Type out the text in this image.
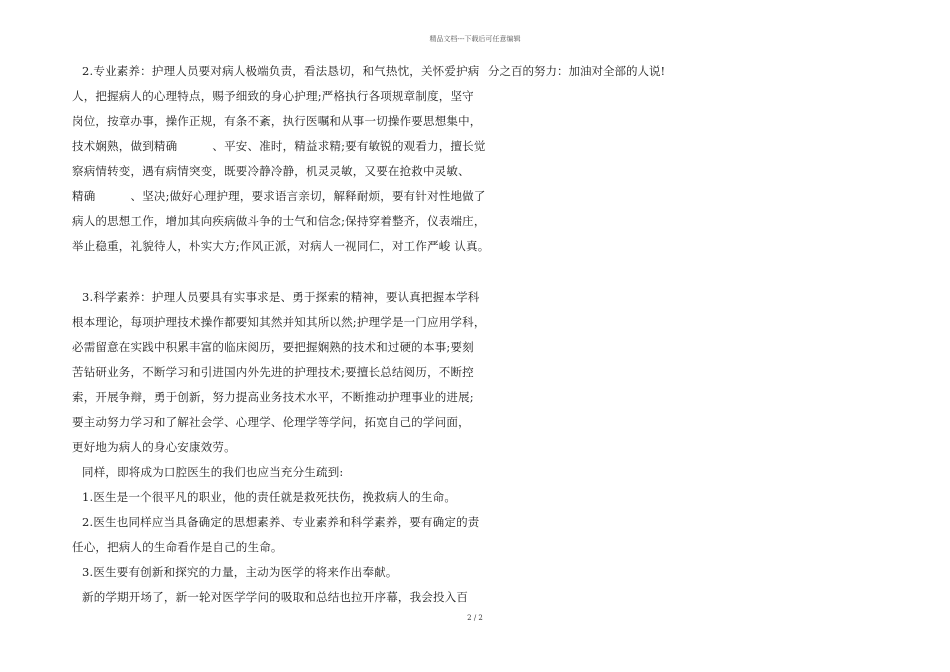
精品文档---下载后可任意编辑
2.专业素养：护理人员要对病人极端负责，看法恳切，和气热忱，关怀爱护病
人，把握病人的心理特点，赐予细致的身心护理;严格执行各项规章制度，坚守
岗位，按章办事，操作正规，有条不紊，执行医嘱和从事一切操作要思想集中，
技术娴熟，做到精确　　　、平安、准时，精益求精;要有敏锐的观看力，擅长觉
察病情转变，遇有病情突变，既要冷静冷静，机灵灵敏，又要在抢救中灵敏、
精确　　　、坚决;做好心理护理，要求语言亲切，解释耐烦，要有针对性地做了
病人的思想工作，增加其向疾病做斗争的士气和信念;保持穿着整齐，仪表端庄，
举止稳重，礼貌待人，朴实大方;作风正派，对病人一视同仁，对工作严峻 认真。
3.科学素养：护理人员要具有实事求是、勇于探索的精神，要认真把握本学科
根本理论，每项护理技术操作都要知其然并知其所以然;护理学是一门应用学科，
必需留意在实践中积累丰富的临床阅历，要把握娴熟的技术和过硬的本事;要刻
苦钻研业务，不断学习和引进国内外先进的护理技术;要擅长总结阅历，不断控
索，开展争辩，勇于创新，努力提高业务技术水平，不断推动护理事业的进展;
要主动努力学习和了解社会学、心理学、伦理学等学问，拓宽自己的学问面，
更好地为病人的身心安康效劳。
同样，即将成为口腔医生的我们也应当充分生疏到:
1.医生是一个很平凡的职业，他的责任就是救死扶伤，挽救病人的生命。
2.医生也同样应当具备确定的思想素养、专业素养和科学素养，要有确定的责
任心，把病人的生命看作是自己的生命。
3.医生要有创新和探究的力量，主动为医学的将来作出奉献。
新的学期开场了，新一轮对医学学问的吸取和总结也拉开序幕，我会投入百
分之百的努力：加油对全部的人说!
2 / 2
